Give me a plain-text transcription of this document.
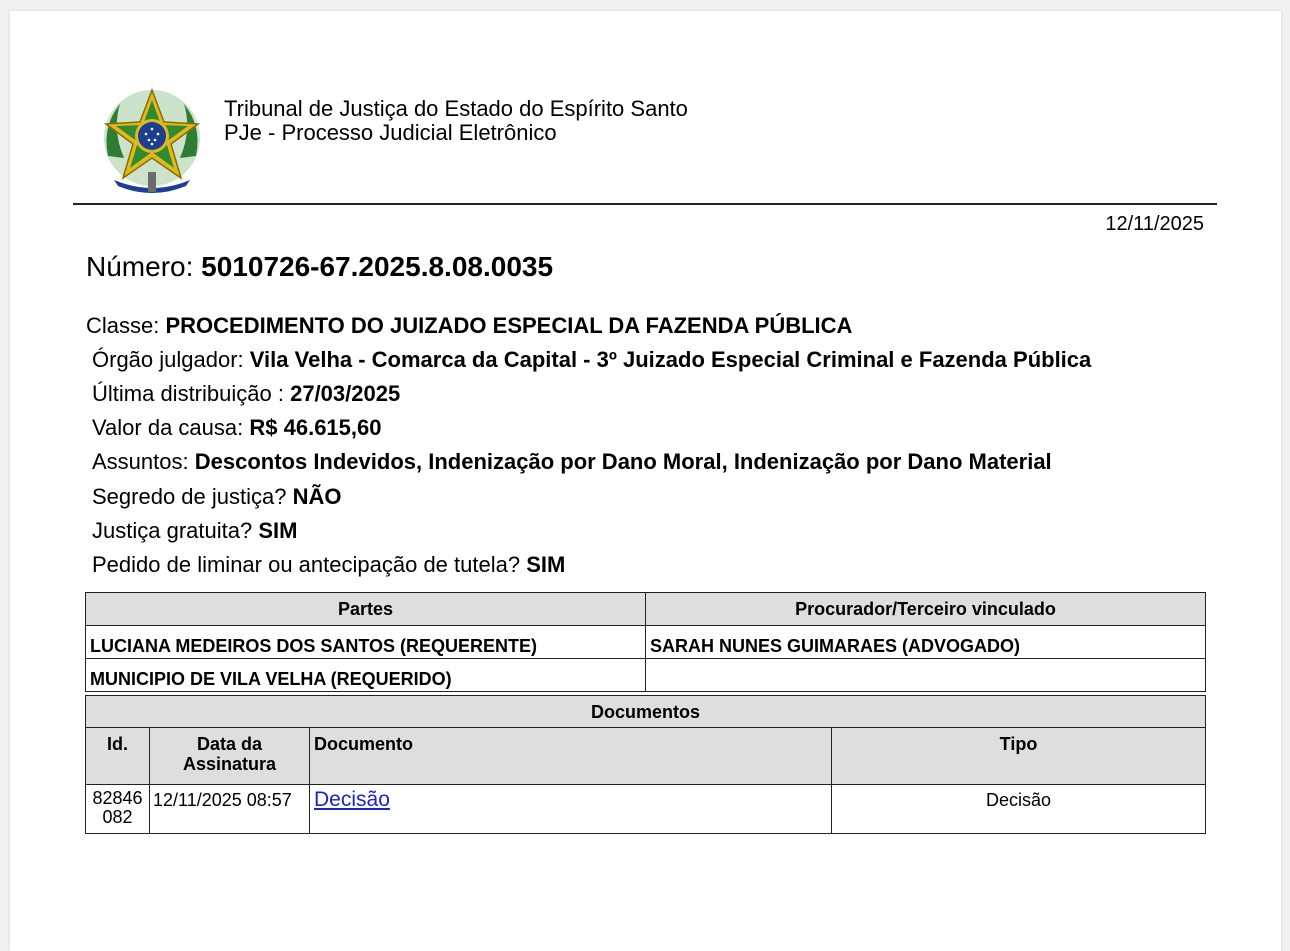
Tribunal de Justiça do Estado do Espírito Santo
PJe - Processo Judicial Eletrônico
12/11/2025
Número: 5010726-67.2025.8.08.0035
Classe: PROCEDIMENTO DO JUIZADO ESPECIAL DA FAZENDA PÚBLICA
Órgão julgador: Vila Velha - Comarca da Capital - 3º Juizado Especial Criminal e Fazenda Pública
Última distribuição : 27/03/2025
Valor da causa: R$ 46.615,60
Assuntos: Descontos Indevidos, Indenização por Dano Moral, Indenização por Dano Material
Segredo de justiça? NÃO
Justiça gratuita? SIM
Pedido de liminar ou antecipação de tutela? SIM
Partes	Procurador/Terceiro vinculado
LUCIANA MEDEIROS DOS SANTOS (REQUERENTE)	SARAH NUNES GUIMARAES (ADVOGADO)
MUNICIPIO DE VILA VELHA (REQUERIDO)	
Documentos			
Id.	Data da Assinatura	Documento	Tipo
82846082	12/11/2025 08:57	Decisão	Decisão
